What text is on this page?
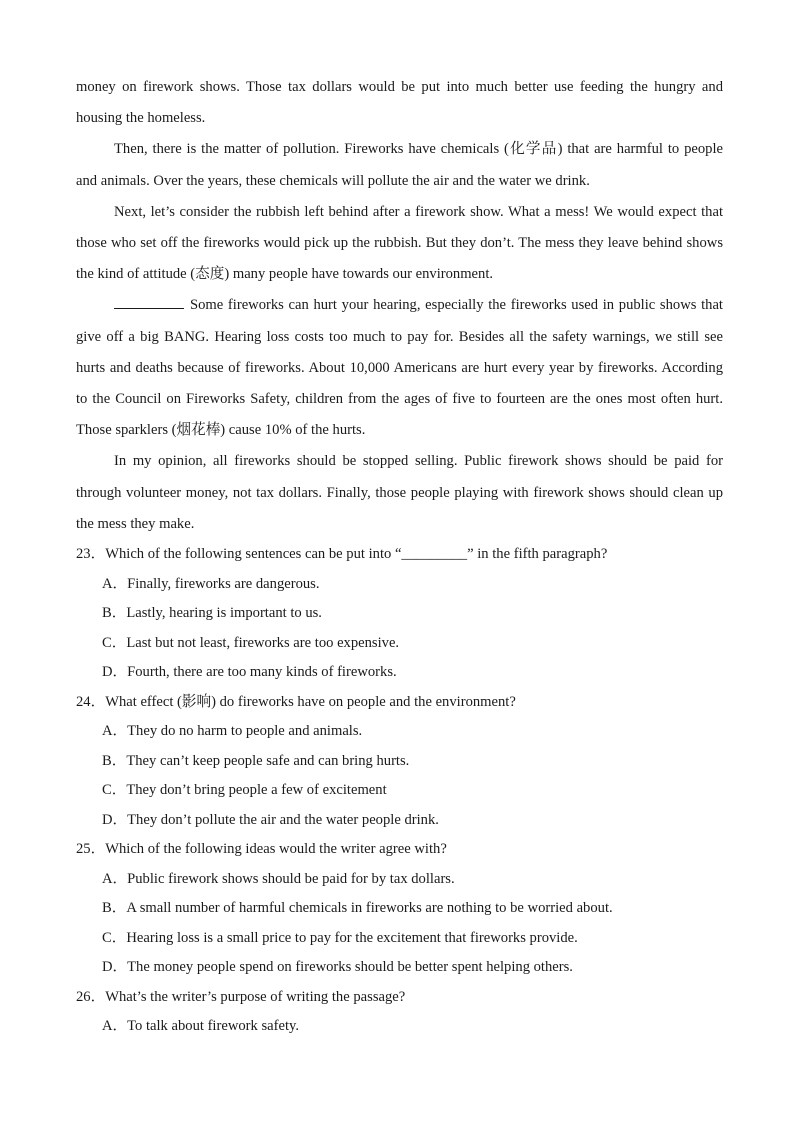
money on firework shows. Those tax dollars would be put into much better use feeding the hungry and housing the homeless.

Then, there is the matter of pollution. Fireworks have chemicals (化学品) that are harmful to people and animals. Over the years, these chemicals will pollute the air and the water we drink.

Next, let’s consider the rubbish left behind after a firework show. What a mess! We would expect that those who set off the fireworks would pick up the rubbish. But they don’t. The mess they leave behind shows the kind of attitude (态度) many people have towards our environment.

Some fireworks can hurt your hearing, especially the fireworks used in public shows that give off a big BANG. Hearing loss costs too much to pay for. Besides all the safety warnings, we still see hurts and deaths because of fireworks. About 10,000 Americans are hurt every year by fireworks. According to the Council on Fireworks Safety, children from the ages of five to fourteen are the ones most often hurt. Those sparklers (烟花棒) cause 10% of the hurts.

In my opinion, all fireworks should be stopped selling. Public firework shows should be paid for through volunteer money, not tax dollars. Finally, those people playing with firework shows should clean up the mess they make.

23．Which of the following sentences can be put into “_________” in the fifth paragraph?

A．Finally, fireworks are dangerous.

B．Lastly, hearing is important to us.

C．Last but not least, fireworks are too expensive.

D．Fourth, there are too many kinds of fireworks.

24．What effect (影响) do fireworks have on people and the environment?

A．They do no harm to people and animals.

B．They can’t keep people safe and can bring hurts.

C．They don’t bring people a few of excitement

D．They don’t pollute the air and the water people drink.

25．Which of the following ideas would the writer agree with?

A．Public firework shows should be paid for by tax dollars.

B．A small number of harmful chemicals in fireworks are nothing to be worried about.

C．Hearing loss is a small price to pay for the excitement that fireworks provide.

D．The money people spend on fireworks should be better spent helping others.

26．What’s the writer’s purpose of writing the passage?

A．To talk about firework safety.
